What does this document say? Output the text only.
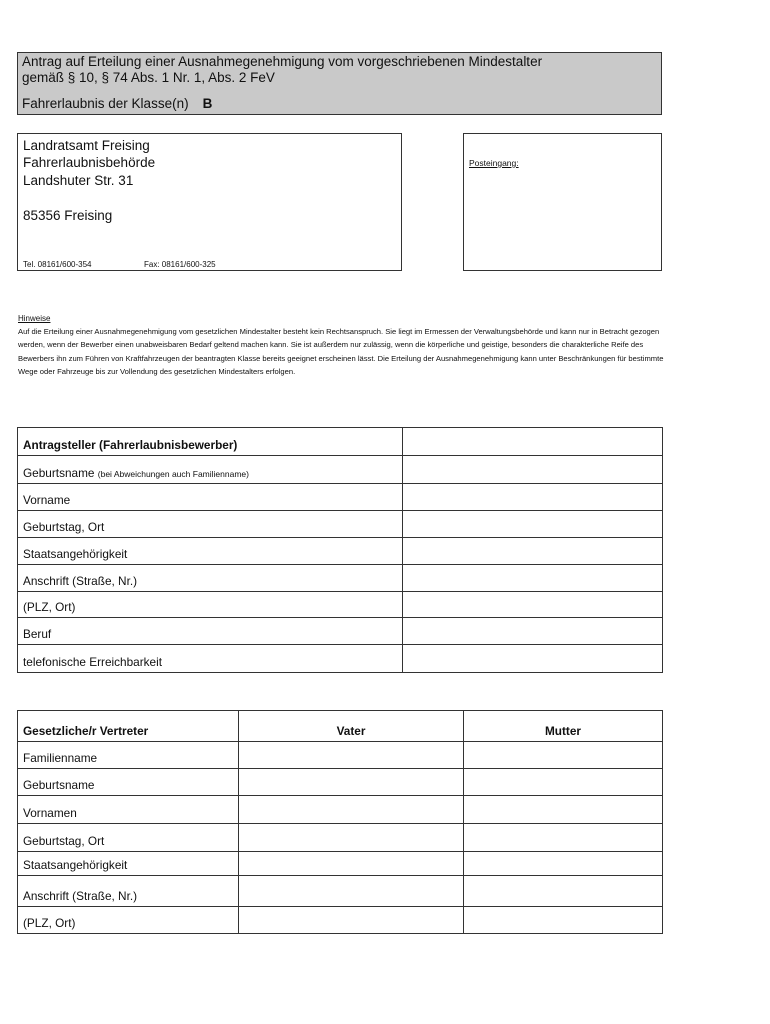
Antrag auf Erteilung einer Ausnahmegenehmigung vom vorgeschriebenen Mindestalter
gemäß § 10, § 74 Abs. 1 Nr. 1, Abs. 2 FeV
Fahrerlaubnis der Klasse(n) B
Landratsamt Freising
Fahrerlaubnisbehörde
Landshuter Str. 31
85356 Freising
Tel. 08161/600-354	Fax: 08161/600-325
Posteingang:
Hinweise
Auf die Erteilung einer Ausnahmegenehmigung vom gesetzlichen Mindestalter besteht kein Rechtsanspruch. Sie liegt im Ermessen der Verwaltungsbehörde und kann nur in Betracht gezogen werden, wenn der Bewerber einen unabweisbaren Bedarf geltend machen kann. Sie ist außerdem nur zulässig, wenn die körperliche und geistige, besonders die charakterliche Reife des Bewerbers ihn zum Führen von Kraftfahrzeugen der beantragten Klasse bereits geeignet erscheinen lässt. Die Erteilung der Ausnahmegenehmigung kann unter Beschränkungen für bestimmte Wege oder Fahrzeuge bis zur Vollendung des gesetzlichen Mindestalters erfolgen.
Antragsteller (Fahrerlaubnisbewerber)	
Geburtsname (bei Abweichungen auch Familienname)	
Vorname	
Geburtstag, Ort	
Staatsangehörigkeit	
Anschrift (Straße, Nr.)	
(PLZ, Ort)	
Beruf	
telefonische Erreichbarkeit	
Gesetzliche/r Vertreter	Vater	Mutter
Familienname		
Geburtsname		
Vornamen		
Geburtstag, Ort		
Staatsangehörigkeit		
Anschrift (Straße, Nr.)		
(PLZ, Ort)		
